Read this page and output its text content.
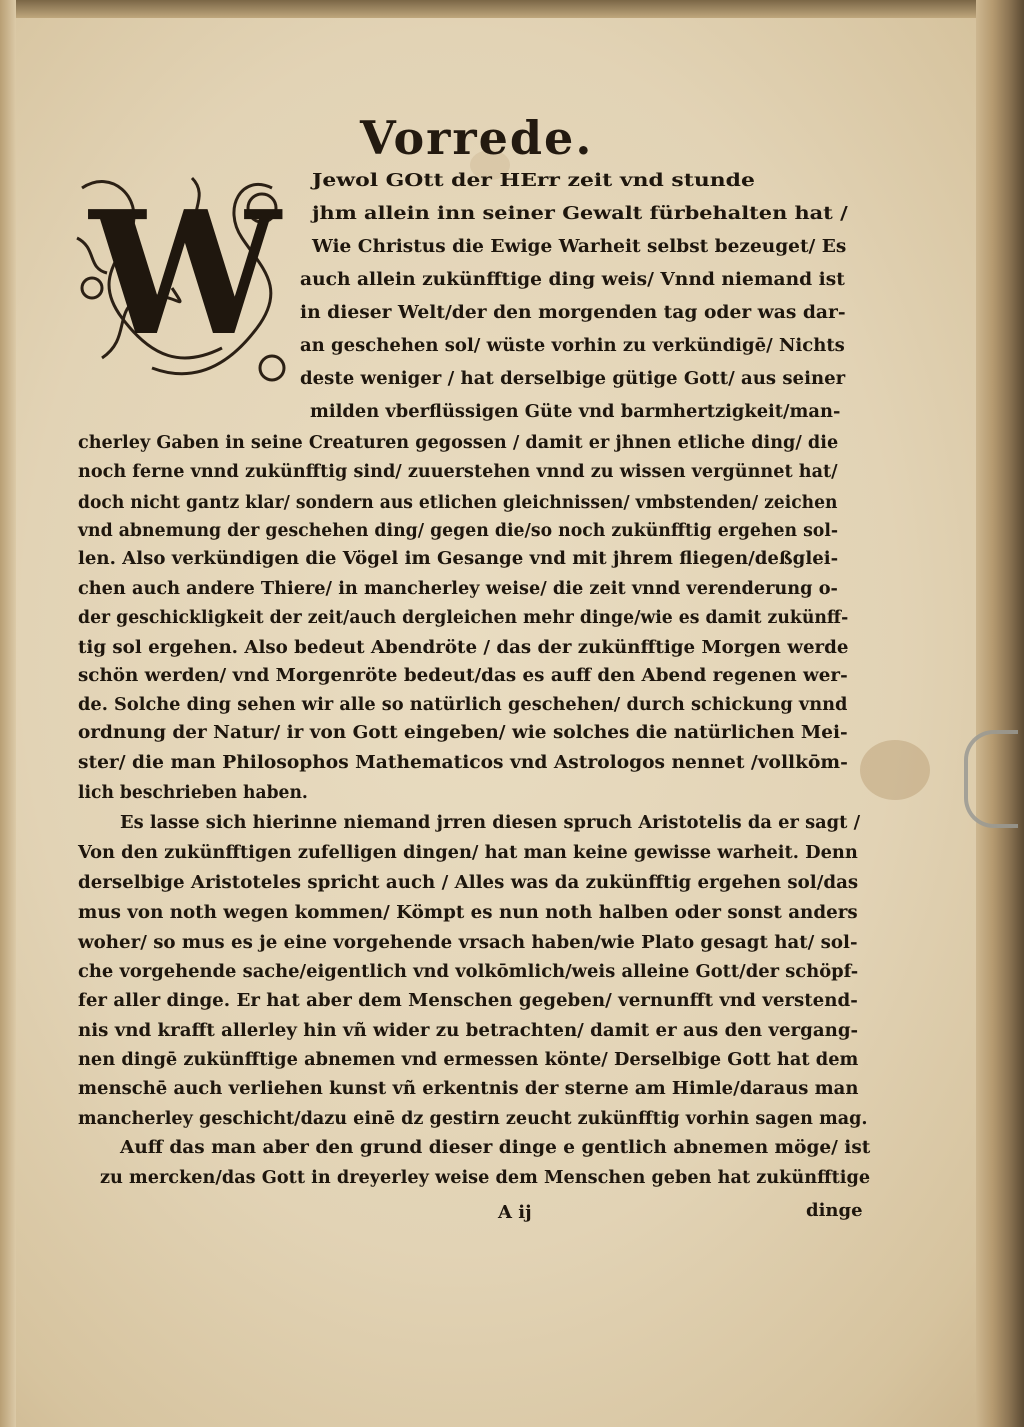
Vorrede.
W Jewol GOtt der HErr zeit vnd stunde
jhm allein inn seiner Gewalt fürbehalten hat /
Wie Christus die Ewige Warheit selbst bezeuget/ Es
auch allein zukünfftige ding weis/ Vnnd niemand ist
in dieser Welt/der den morgenden tag oder was dar-
an geschehen sol/ wüste vorhin zu verkündigē/ Nichts
deste weniger / hat derselbige gütige Gott/ aus seiner
milden vberflüssigen Güte vnd barmhertzigkeit/man-
cherley Gaben in seine Creaturen gegossen / damit er jhnen etliche ding/ die
noch ferne vnnd zukünfftig sind/ zuuerstehen vnnd zu wissen vergünnet hat/
doch nicht gantz klar/ sondern aus etlichen gleichnissen/ vmbstenden/ zeichen
vnd abnemung der geschehen ding/ gegen die/so noch zukünfftig ergehen sol-
len. Also verkündigen die Vögel im Gesange vnd mit jhrem fliegen/deßglei-
chen auch andere Thiere/ in mancherley weise/ die zeit vnnd verenderung o-
der geschickligkeit der zeit/auch dergleichen mehr dinge/wie es damit zukünff-
tig sol ergehen. Also bedeut Abendröte / das der zukünfftige Morgen werde
schön werden/ vnd Morgenröte bedeut/das es auff den Abend regenen wer-
de. Solche ding sehen wir alle so natürlich geschehen/ durch schickung vnnd
ordnung der Natur/ ir von Gott eingeben/ wie solches die natürlichen Mei-
ster/ die man Philosophos Mathematicos vnd Astrologos nennet /vollkōm-
lich beschrieben haben.
Es lasse sich hierinne niemand jrren diesen spruch Aristotelis da er sagt /
Von den zukünfftigen zufelligen dingen/ hat man keine gewisse warheit. Denn
derselbige Aristoteles spricht auch / Alles was da zukünfftig ergehen sol/das
mus von noth wegen kommen/ Kömpt es nun noth halben oder sonst anders
woher/ so mus es je eine vorgehende vrsach haben/wie Plato gesagt hat/ sol-
che vorgehende sache/eigentlich vnd volkōmlich/weis alleine Gott/der schöpf-
fer aller dinge. Er hat aber dem Menschen gegeben/ vernunfft vnd verstend-
nis vnd krafft allerley hin vñ wider zu betrachten/ damit er aus den vergang-
nen dingē zukünfftige abnemen vnd ermessen könte/ Derselbige Gott hat dem
menschē auch verliehen kunst vñ erkentnis der sterne am Himle/daraus man
mancherley geschicht/dazu einē dz gestirn zeucht zukünfftig vorhin sagen mag.
Auff das man aber den grund dieser dinge e gentlich abnemen möge/ ist
zu mercken/das Gott in dreyerley weise dem Menschen geben hat zukünfftige
A ij	dinge
